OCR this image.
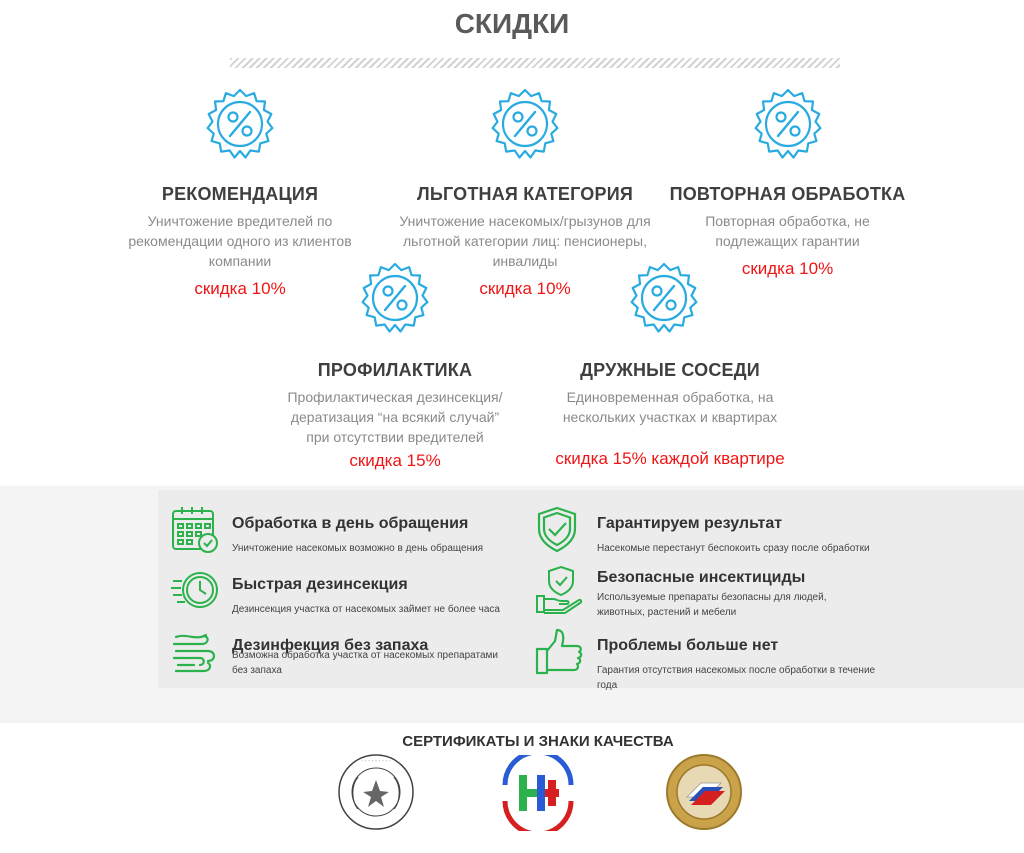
СКИДКИ
РЕКОМЕНДАЦИЯ
Уничтожение вредителей по рекомендации одного из клиентов компании
скидка 10%
ЛЬГОТНАЯ КАТЕГОРИЯ
Уничтожение насекомых/грызунов для льготной категории лиц: пенсионеры, инвалиды
скидка 10%
ПОВТОРНАЯ ОБРАБОТКА
Повторная обработка, не подлежащих гарантии
скидка 10%
ПРОФИЛАКТИКА
Профилактическая дезинсекция/дератизация “на всякий случай” при отсутствии вредителей
скидка 15%
ДРУЖНЫЕ СОСЕДИ
Единовременная обработка, на нескольких участках и квартирах
скидка 15% каждой квартире
Обработка в день обращения
Уничтожение насекомых возможно в день обращения
Гарантируем результат
Насекомые перестанут беспокоить сразу после обработки
Быстрая дезинсекция
Дезинсекция участка от насекомых займет не более часа
Безопасные инсектициды
Используемые препараты безопасны для людей, животных, растений и мебели
Дезинфекция без запаха
Возможна обработка участка от насекомых препаратами без запаха
Проблемы больше нет
Гарантия отсутствия насекомых после обработки в течение года
СЕРТИФИКАТЫ И ЗНАКИ КАЧЕСТВА
· · · · · · · · ·
